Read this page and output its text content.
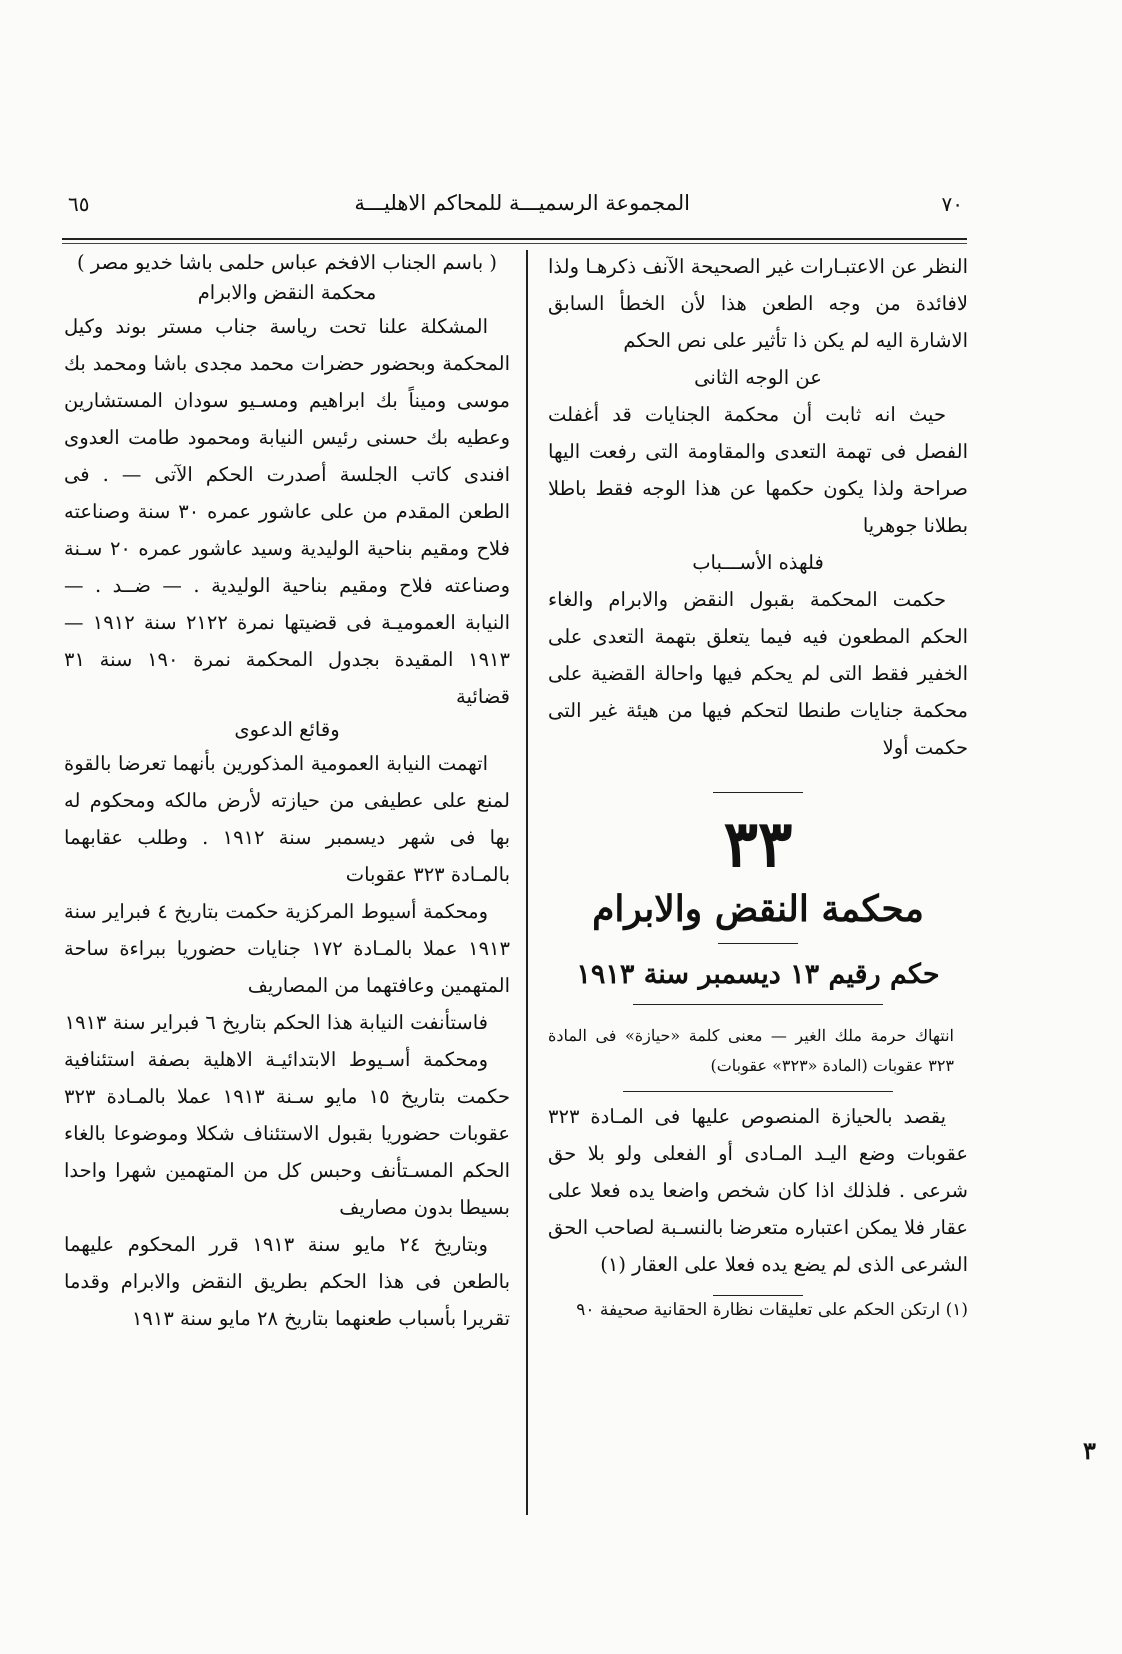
٧٠
المجموعة الرسميـــة للمحاكم الاهليـــة
٦٥

النظر عن الاعتبـارات غير الصحيحة الآنف ذكرهـا ولذا لافائدة من وجه الطعن هذا لأن الخطأ السابق الاشارة اليه لم يكن ذا تأثير على نص الحكم

عن الوجه الثانى

حيث انه ثابت أن محكمة الجنايات قد أغفلت الفصل فى تهمة التعدى والمقاومة التى رفعت اليها صراحة ولذا يكون حكمها عن هذا الوجه فقط باطلا بطلانا جوهريا

فلهذه الأســـباب

حكمت المحكمة بقبول النقض والابرام والغاء الحكم المطعون فيه فيما يتعلق بتهمة التعدى على الخفير فقط التى لم يحكم فيها واحالة القضية على محكمة جنايات طنطا لتحكم فيها من هيئة غير التى حكمت أولا

٣٣
محكمة النقض والابرام
حكم رقيم ١٣ ديسمبر سنة ١٩١٣

انتهاك حرمة ملك الغير — معنى كلمة «حيازة» فى المادة ٣٢٣ عقوبات (المادة «٣٢٣» عقوبات)

يقصد بالحيازة المنصوص عليها فى المـادة ٣٢٣ عقوبات وضع اليـد المـادى أو الفعلى ولو بلا حق شرعى . فلذلك اذا كان شخص واضعا يده فعلا على عقار فلا يمكن اعتباره متعرضا بالنسـبة لصاحب الحق الشرعى الذى لم يضع يده فعلا على العقار (١)

(١) ارتكن الحكم على تعليقات نظارة الحقانية صحيفة ٩٠

( باسم الجناب الافخم عباس حلمى باشا خديو مصر )

محكمة النقض والابرام

المشكلة علنا تحت رياسة جناب مستر بوند وكيل المحكمة وبحضور حضرات محمد مجدى باشا ومحمد بك موسى وميناً بك ابراهيم ومسـيو سودان المستشارين وعطيه بك حسنى رئيس النيابة ومحمود طامت العدوى افندى كاتب الجلسة أصدرت الحكم الآتى — . فى الطعن المقدم من على عاشور عمره ٣٠ سنة وصناعته فلاح ومقيم بناحية الوليدية وسيد عاشور عمره ٢٠ سـنة وصناعته فلاح ومقيم بناحية الوليدية . — ضــد . — النيابة العموميـة فى قضيتها نمرة ٢١٢٢ سنة ١٩١٢ — ١٩١٣ المقيدة بجدول المحكمة نمرة ١٩٠ سنة ٣١ قضائية

وقائع الدعوى

اتهمت النيابة العمومية المذكورين بأنهما تعرضا بالقوة لمنع على عطيفى من حيازته لأرض مالكه ومحكوم له بها فى شهر ديسمبر سنة ١٩١٢ . وطلب عقابهما بالمـادة ٣٢٣ عقوبات

ومحكمة أسيوط المركزية حكمت بتاريخ ٤ فبراير سنة ١٩١٣ عملا بالمـادة ١٧٢ جنايات حضوريا ببراءة ساحة المتهمين وعافتهما من المصاريف

فاستأنفت النيابة هذا الحكم بتاريخ ٦ فبراير سنة ١٩١٣

ومحكمة أسـيوط الابتدائيـة الاهلية بصفة استئنافية حكمت بتاريخ ١٥ مايو سـنة ١٩١٣ عملا بالمـادة ٣٢٣ عقوبات حضوريا بقبول الاستئناف شكلا وموضوعا بالغاء الحكم المسـتأنف وحبس كل من المتهمين شهرا واحدا بسيطا بدون مصاريف

وبتاريخ ٢٤ مايو سنة ١٩١٣ قرر المحكوم عليهما بالطعن فى هذا الحكم بطريق النقض والابرام وقدما تقريرا بأسباب طعنهما بتاريخ ٢٨ مايو سنة ١٩١٣

٣
